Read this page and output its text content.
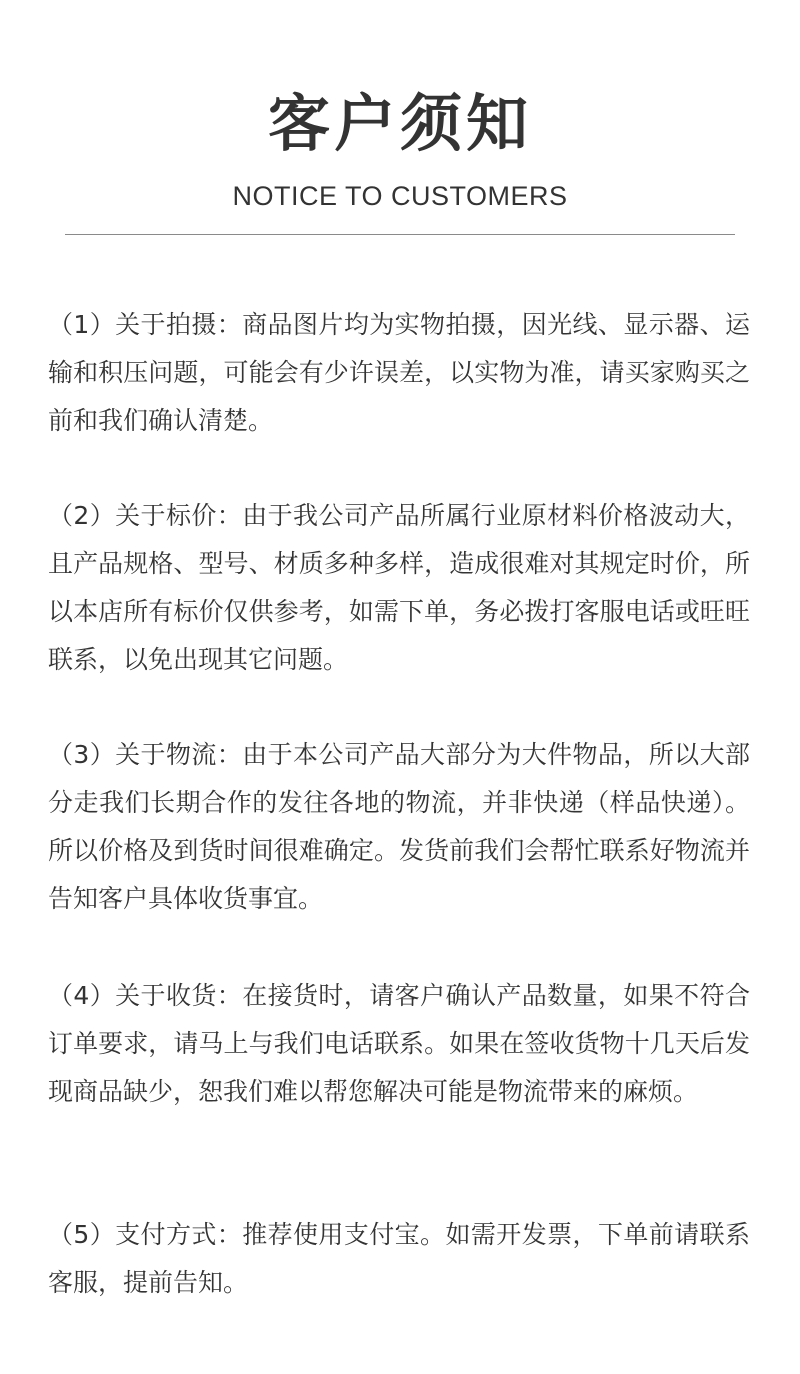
客户须知
NOTICE TO CUSTOMERS

（1）关于拍摄：商品图片均为实物拍摄，因光线、显示器、运输和积压问题，可能会有少许误差，以实物为准，请买家购买之前和我们确认清楚。

（2）关于标价：由于我公司产品所属行业原材料价格波动大，且产品规格、型号、材质多种多样，造成很难对其规定时价，所以本店所有标价仅供参考，如需下单，务必拨打客服电话或旺旺联系，以免出现其它问题。

（3）关于物流：由于本公司产品大部分为大件物品，所以大部分走我们长期合作的发往各地的物流，并非快递（样品快递）。所以价格及到货时间很难确定。发货前我们会帮忙联系好物流并告知客户具体收货事宜。

（4）关于收货：在接货时，请客户确认产品数量，如果不符合订单要求，请马上与我们电话联系。如果在签收货物十几天后发现商品缺少，恕我们难以帮您解决可能是物流带来的麻烦。

（5）支付方式：推荐使用支付宝。如需开发票，下单前请联系客服，提前告知。
